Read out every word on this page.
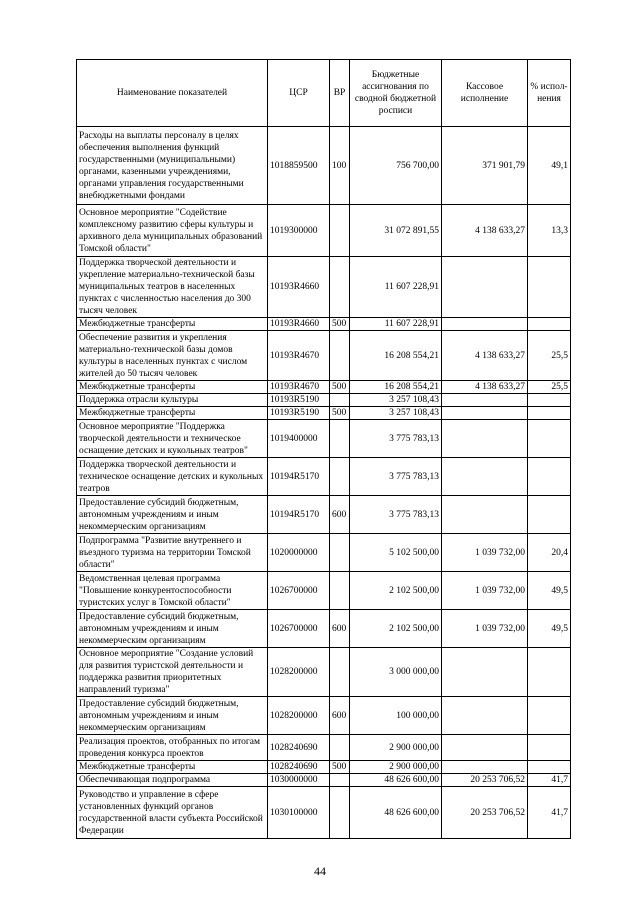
Наименование показателей	ЦСР	ВР	Бюджетные ассигнования по сводной бюджетной росписи	Кассовое исполнение	% испол-нения
Расходы на выплаты персоналу в целях обеспечения выполнения функций государственными (муниципальными) органами, казенными учреждениями, органами управления государственными внебюджетными фондами	1018859500	100	756 700,00	371 901,79	49,1
Основное мероприятие "Содействие комплексному развитию сферы культуры и архивного дела муниципальных образований Томской области"	1019300000		31 072 891,55	4 138 633,27	13,3
Поддержка творческой деятельности и укрепление материально-технической базы муниципальных театров в населенных пунктах с численностью населения до 300 тысяч человек	10193R4660		11 607 228,91		
Межбюджетные трансферты	10193R4660	500	11 607 228,91		
Обеспечение развития и укрепления материально-технической базы домов культуры в населенных пунктах с числом жителей до 50 тысяч человек	10193R4670		16 208 554,21	4 138 633,27	25,5
Межбюджетные трансферты	10193R4670	500	16 208 554,21	4 138 633,27	25,5
Поддержка отрасли культуры	10193R5190		3 257 108,43		
Межбюджетные трансферты	10193R5190	500	3 257 108,43		
Основное мероприятие "Поддержка творческой деятельности и техническое оснащение детских и кукольных театров"	1019400000		3 775 783,13		
Поддержка творческой деятельности и техническое оснащение детских и кукольных театров	10194R5170		3 775 783,13		
Предоставление субсидий бюджетным, автономным учреждениям и иным некоммерческим организациям	10194R5170	600	3 775 783,13		
Подпрограмма "Развитие внутреннего и въездного туризма на территории Томской области"	1020000000		5 102 500,00	1 039 732,00	20,4
Ведомственная целевая программа "Повышение конкурентоспособности туристских услуг в Томской области"	1026700000		2 102 500,00	1 039 732,00	49,5
Предоставление субсидий бюджетным, автономным учреждениям и иным некоммерческим организациям	1026700000	600	2 102 500,00	1 039 732,00	49,5
Основное мероприятие "Создание условий для развития туристской деятельности и поддержка развития приоритетных направлений туризма"	1028200000		3 000 000,00		
Предоставление субсидий бюджетным, автономным учреждениям и иным некоммерческим организациям	1028200000	600	100 000,00		
Реализация проектов, отобранных по итогам проведения конкурса проектов	1028240690		2 900 000,00		
Межбюджетные трансферты	1028240690	500	2 900 000,00		
Обеспечивающая подпрограмма	1030000000		48 626 600,00	20 253 706,52	41,7
Руководство и управление в сфере установленных функций органов государственной власти субъекта Российской Федерации	1030100000		48 626 600,00	20 253 706,52	41,7
44
